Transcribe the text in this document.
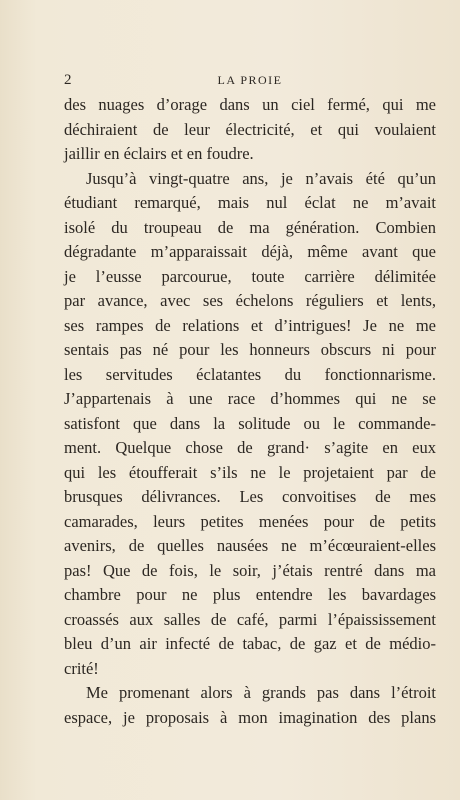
2	LA PROIE
des nuages d’orage dans un ciel fermé, qui me
déchiraient de leur électricité, et qui voulaient
jaillir en éclairs et en foudre.
Jusqu’à vingt-quatre ans, je n’avais été qu’un
étudiant remarqué, mais nul éclat ne m’avait
isolé du troupeau de ma génération. Combien
dégradante m’apparaissait déjà, même avant que
je l’eusse parcourue, toute carrière délimitée
par avance, avec ses échelons réguliers et lents,
ses rampes de relations et d’intrigues! Je ne me
sentais pas né pour les honneurs obscurs ni pour
les servitudes éclatantes du fonctionnarisme.
J’appartenais à une race d’hommes qui ne se
satisfont que dans la solitude ou le commande-
ment. Quelque chose de grand· s’agite en eux
qui les étoufferait s’ils ne le projetaient par de
brusques délivrances. Les convoitises de mes
camarades, leurs petites menées pour de petits
avenirs, de quelles nausées ne m’écœuraient-elles
pas! Que de fois, le soir, j’étais rentré dans ma
chambre pour ne plus entendre les bavardages
croassés aux salles de café, parmi l’épaississement
bleu d’un air infecté de tabac, de gaz et de médio-
crité!
Me promenant alors à grands pas dans l’étroit
espace, je proposais à mon imagination des plans
